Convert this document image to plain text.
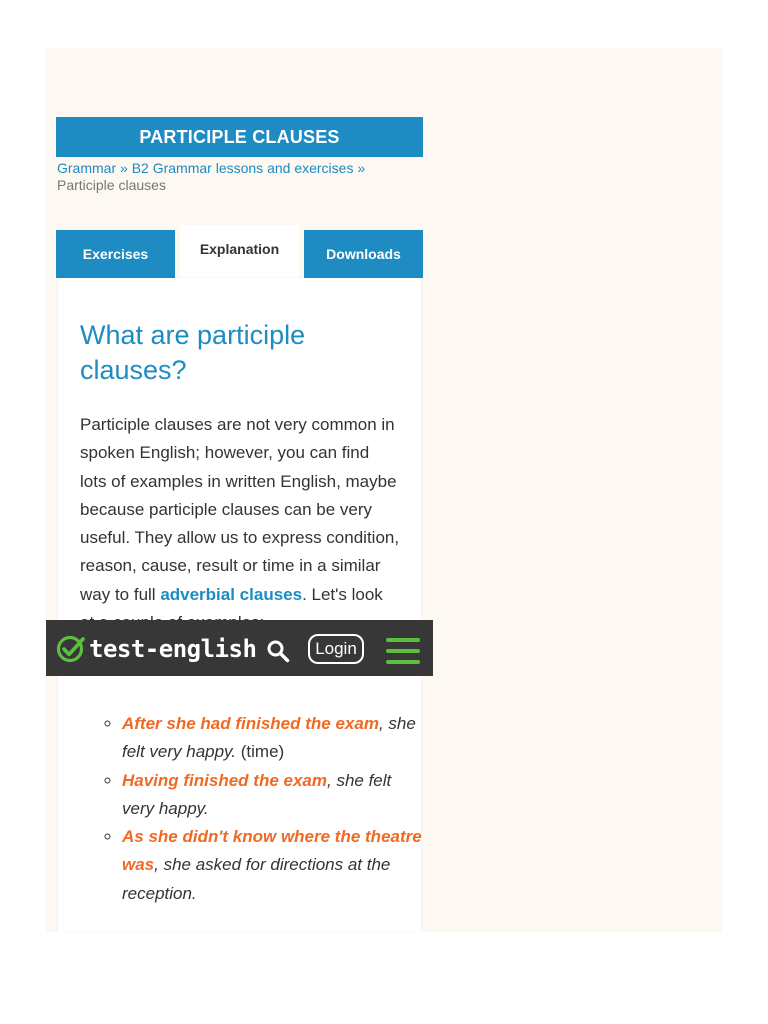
PARTICIPLE CLAUSES
Grammar » B2 Grammar lessons and exercises »
Participle clauses
Exercises	Explanation	Downloads
What are participle clauses?
Participle clauses are not very common in spoken English; however, you can find lots of examples in written English, maybe because participle clauses can be very useful. They allow us to express condition, reason, cause, result or time in a similar way to full adverbial clauses. Let's look
◦ After she had finished the exam, she felt very happy. (time)
◦ Having finished the exam, she felt very happy.
◦ As she didn't know where the theatre was, she asked for directions at the reception.
test-english	Login
